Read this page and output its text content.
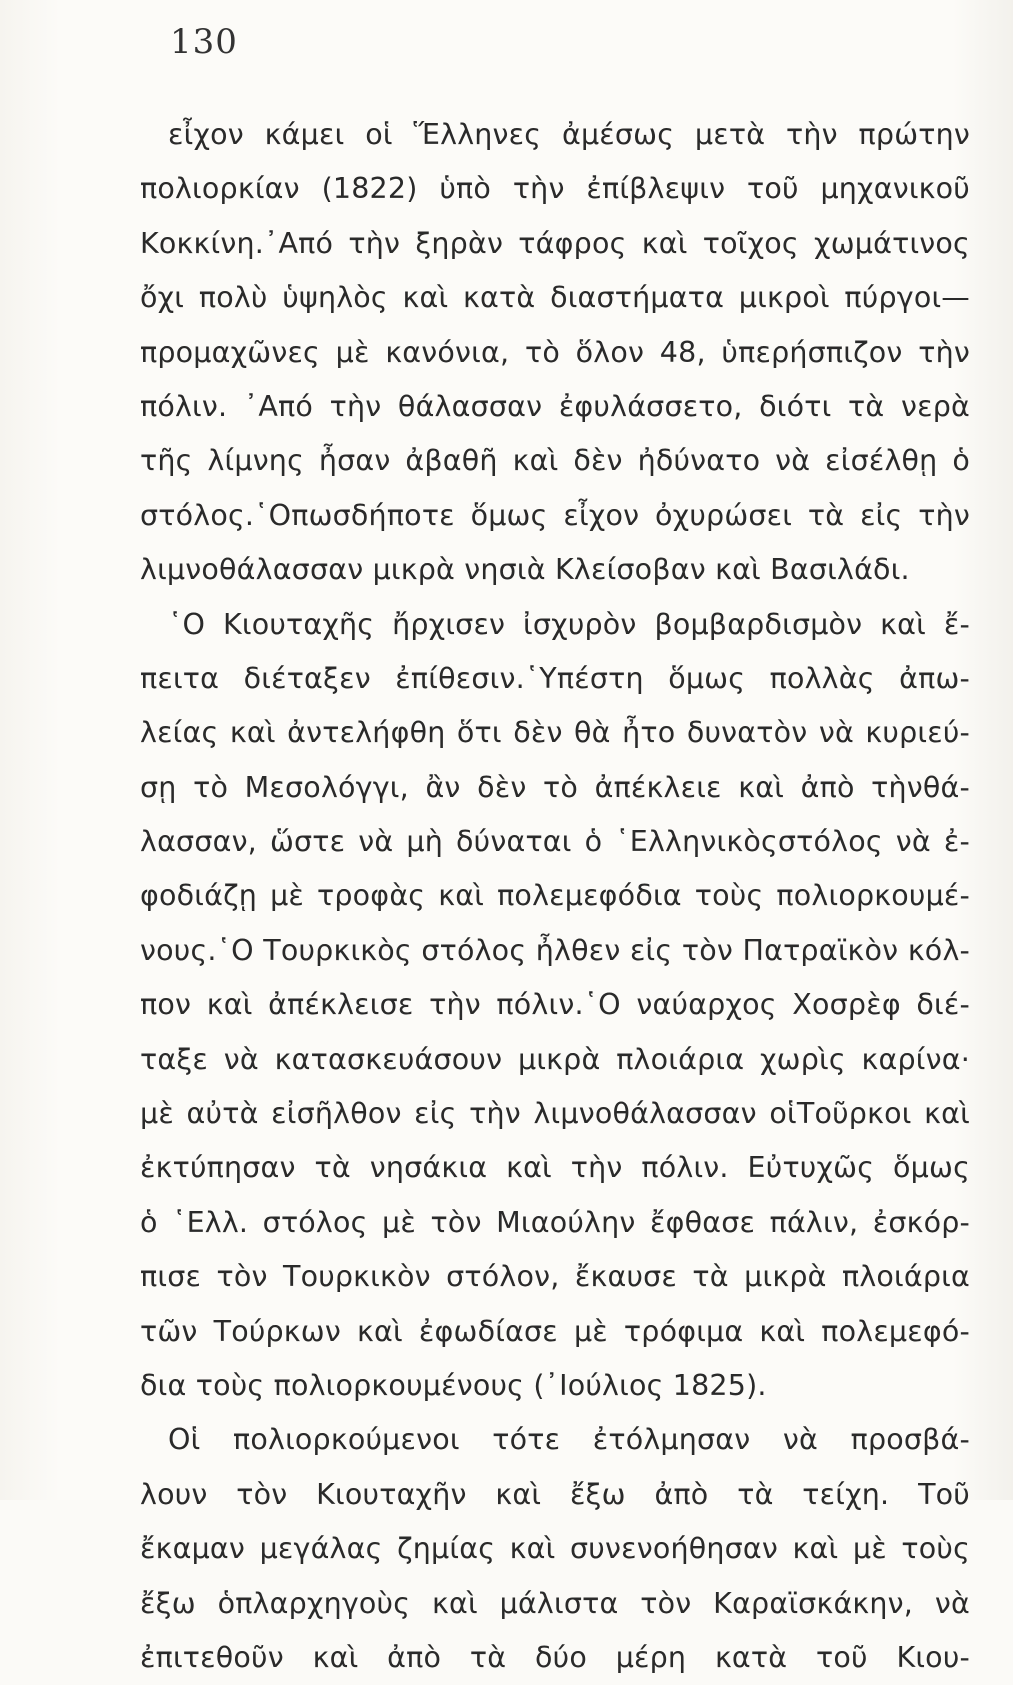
130
εἶχον κάμει οἱ Ἕλληνες ἀμέσως μετὰ τὴν πρώτην
πολιορκίαν (1822) ὑπὸ τὴν ἐπίβλεψιν τοῦ μηχανικοῦ
Κοκκίνη.᾽Από τὴν ξηρὰν τάφρος καὶ τοῖχος χωμάτινος
ὄχι πολὺ ὑψηλὸς καὶ κατὰ διαστήματα μικροὶ πύργοι—
προμαχῶνες μὲ κανόνια, τὸ ὅλον 48, ὑπερήσπιζον τὴν
πόλιν. ᾽Από τὴν θάλασσαν ἐφυλάσσετο, διότι τὰ νερὰ
τῆς λίμνης ἦσαν ἀβαθῆ καὶ δὲν ἠδύνατο νὰ εἰσέλθῃ ὁ
στόλος.῾Οπωσδήποτε ὅμως εἶχον ὀχυρώσει τὰ εἰς τὴν
λιμνοθάλασσαν μικρὰ νησιὰ Κλείσοβαν καὶ Βασιλάδι.
῾Ο Κιουταχῆς ἤρχισεν ἰσχυρὸν βομβαρδισμὸν καὶ ἔ-
πειτα διέταξεν ἐπίθεσιν.῾Υπέστη ὅμως πολλὰς ἀπω-
λείας καὶ ἀντελήφθη ὅτι δὲν θὰ ἦτο δυνατὸν νὰ κυριεύ-
σῃ τὸ Μεσολόγγι, ἂν δὲν τὸ ἀπέκλειε καὶ ἀπὸ τὴνθά-
λασσαν, ὥστε νὰ μὴ δύναται ὁ ῾Ελληνικὸςστόλος νὰ ἐ-
φοδιάζῃ μὲ τροφὰς καὶ πολεμεφόδια τοὺς πολιορκουμέ-
νους.῾Ο Τουρκικὸς στόλος ἦλθεν εἰς τὸν Πατραϊκὸν κόλ-
πον καὶ ἀπέκλεισε τὴν πόλιν.῾Ο ναύαρχος Χοσρὲφ διέ-
ταξε νὰ κατασκευάσουν μικρὰ πλοιάρια χωρὶς καρίνα·
μὲ αὐτὰ εἰσῆλθον εἰς τὴν λιμνοθάλασσαν οἱΤοῦρκοι καὶ
ἐκτύπησαν τὰ νησάκια καὶ τὴν πόλιν. Εὐτυχῶς ὅμως
ὁ ῾Ελλ. στόλος μὲ τὸν Μιαούλην ἔφθασε πάλιν, ἐσκόρ-
πισε τὸν Τουρκικὸν στόλον, ἔκαυσε τὰ μικρὰ πλοιάρια
τῶν Τούρκων καὶ ἐφωδίασε μὲ τρόφιμα καὶ πολεμεφό-
δια τοὺς πολιορκουμένους (᾽Ιούλιος 1825).
Οἱ πολιορκούμενοι τότε ἐτόλμησαν νὰ προσβά-
λουν τὸν Κιουταχῆν καὶ ἔξω ἀπὸ τὰ τείχη. Τοῦ
ἔκαμαν μεγάλας ζημίας καὶ συνενοήθησαν καὶ μὲ τοὺς
ἔξω ὁπλαρχηγοὺς καὶ μάλιστα τὸν Καραϊσκάκην, νὰ
ἐπιτεθοῦν καὶ ἀπὸ τὰ δύο μέρη κατὰ τοῦ Κιου-
